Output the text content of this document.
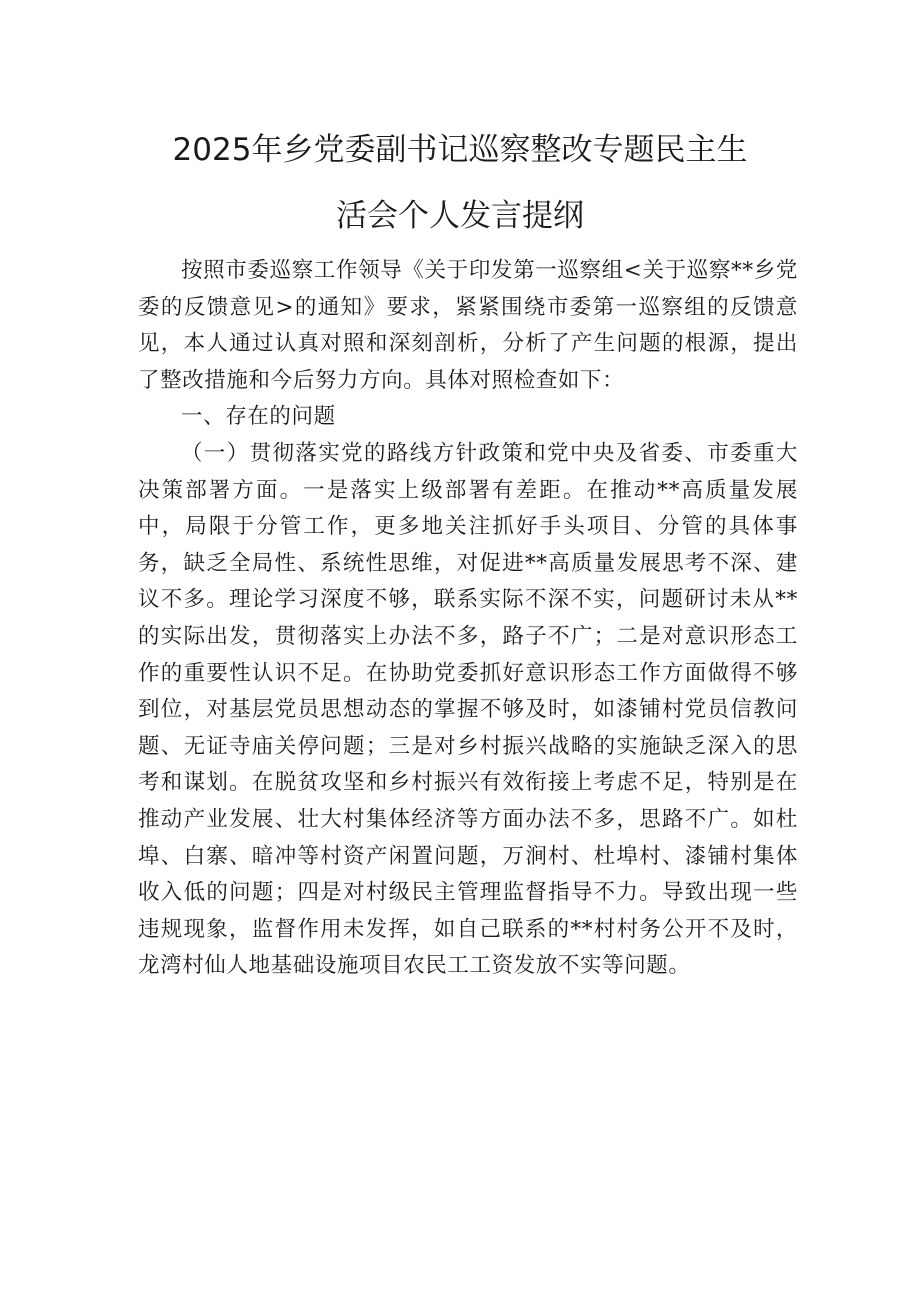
2025年乡党委副书记巡察整改专题民主生
活会个人发言提纲

按照市委巡察工作领导《关于印发第一巡察组<关于巡察**乡党委的反馈意见>的通知》要求，紧紧围绕市委第一巡察组的反馈意见，本人通过认真对照和深刻剖析，分析了产生问题的根源，提出了整改措施和今后努力方向。具体对照检查如下：

一、存在的问题

（一）贯彻落实党的路线方针政策和党中央及省委、市委重大决策部署方面。一是落实上级部署有差距。在推动**高质量发展中，局限于分管工作，更多地关注抓好手头项目、分管的具体事务，缺乏全局性、系统性思维，对促进**高质量发展思考不深、建议不多。理论学习深度不够，联系实际不深不实，问题研讨未从**的实际出发，贯彻落实上办法不多，路子不广；二是对意识形态工作的重要性认识不足。在协助党委抓好意识形态工作方面做得不够到位，对基层党员思想动态的掌握不够及时，如漆铺村党员信教问题、无证寺庙关停问题；三是对乡村振兴战略的实施缺乏深入的思考和谋划。在脱贫攻坚和乡村振兴有效衔接上考虑不足，特别是在推动产业发展、壮大村集体经济等方面办法不多，思路不广。如杜埠、白寨、暗冲等村资产闲置问题，万涧村、杜埠村、漆铺村集体收入低的问题；四是对村级民主管理监督指导不力。导致出现一些违规现象，监督作用未发挥，如自己联系的**村村务公开不及时，龙湾村仙人地基础设施项目农民工工资发放不实等问题。
